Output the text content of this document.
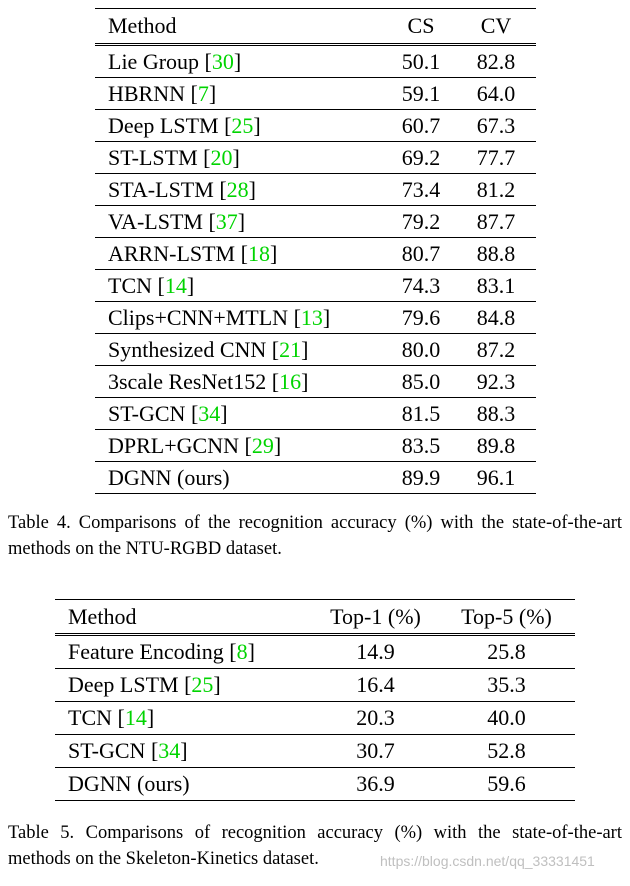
Method	CS	CV
Lie Group [30]	50.1	82.8
HBRNN [7]	59.1	64.0
Deep LSTM [25]	60.7	67.3
ST-LSTM [20]	69.2	77.7
STA-LSTM [28]	73.4	81.2
VA-LSTM [37]	79.2	87.7
ARRN-LSTM [18]	80.7	88.8
TCN [14]	74.3	83.1
Clips+CNN+MTLN [13]	79.6	84.8
Synthesized CNN [21]	80.0	87.2
3scale ResNet152 [16]	85.0	92.3
ST-GCN [34]	81.5	88.3
DPRL+GCNN [29]	83.5	89.8
DGNN (ours)	89.9	96.1
Table 4. Comparisons of the recognition accuracy (%) with the state-of-the-art methods on the NTU-RGBD dataset.
Method	Top-1 (%)	Top-5 (%)
Feature Encoding [8]	14.9	25.8
Deep LSTM [25]	16.4	35.3
TCN [14]	20.3	40.0
ST-GCN [34]	30.7	52.8
DGNN (ours)	36.9	59.6
Table 5. Comparisons of recognition accuracy (%) with the state-of-the-art methods on the Skeleton-Kinetics dataset.	https://blog.csdn.net/qq_33331451
